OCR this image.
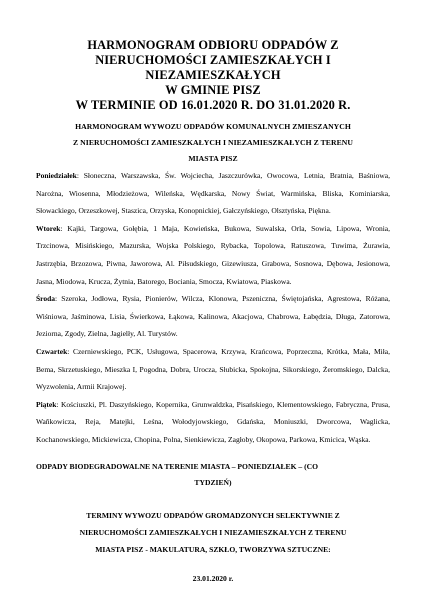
HARMONOGRAM ODBIORU ODPADÓW Z
NIERUCHOMOŚCI ZAMIESZKAŁYCH I
NIEZAMIESZKAŁYCH
W GMINIE PISZ
W TERMINIE OD 16.01.2020 R. DO 31.01.2020 R.
HARMONOGRAM WYWOZU ODPADÓW KOMUNALNYCH ZMIESZANYCH
Z NIERUCHOMOŚCI ZAMIESZKAŁYCH I NIEZAMIESZKAŁYCH Z TERENU
MIASTA PISZ

Poniedziałek: Słoneczna, Warszawska, Św. Wojciecha, Jaszczurówka, Owocowa, Letnia, Bratnia, Baśniowa, Narożna, Wiosenna, Młodzieżowa, Wileńska, Wędkarska, Nowy Świat, Warmińska, Bliska, Kominiarska, Słowackiego, Orzeszkowej, Staszica, Orzyska, Konopnickiej, Gałczyńskiego, Olsztyńska, Piękna.

Wtorek: Kajki, Targowa, Gołębia, 1 Maja, Kowieńska, Bukowa, Suwalska, Orla, Sowia, Lipowa, Wronia, Trzcinowa, Misińskiego, Mazurska, Wojska Polskiego, Rybacka, Topolowa, Ratuszowa, Tuwima, Żurawia, Jastrzębia, Brzozowa, Piwna, Jaworowa, Al. Piłsudskiego, Gizewiusza, Grabowa, Sosnowa, Dębowa, Jesionowa, Jasna, Miodowa, Krucza, Żytnia, Batorego, Bociania, Smocza, Kwiatowa, Piaskowa.

Środa: Szeroka, Jodłowa, Rysia, Pionierów, Wilcza, Klonowa, Pszeniczna, Świętojańska, Agrestowa, Różana, Wiśniowa, Jaśminowa, Lisia, Świerkowa, Łąkowa, Kalinowa, Akacjowa, Chabrowa, Łabędzia, Długa, Zatorowa, Jeziorna, Zgody, Zielna, Jagielły, Al. Turystów.

Czwartek: Czerniewskiego, PCK, Usługowa, Spacerowa, Krzywa, Krańcowa, Poprzeczna, Krótka, Mała, Miła, Bema, Skrzetuskiego, Mieszka I, Pogodna, Dobra, Urocza, Słubicka, Spokojna, Sikorskiego, Żeromskiego, Dalcka, Wyzwolenia, Armii Krajowej.

Piątek: Kościuszki, Pl. Daszyńskiego, Kopernika, Grunwaldzka, Pisańskiego, Klementowskiego, Fabryczna, Prusa, Waňkowicza, Reja, Matejki, Leśna, Wołodyjowskiego, Gdańska, Moniuszki, Dworcowa, Waglicka, Kochanowskiego, Mickiewicza, Chopina, Polna, Sienkiewicza, Zagłoby, Okopowa, Parkowa, Kmicica, Wąska.

ODPADY BIODEGRADOWALNE NA TERENIE MIASTA – PONIEDZIAŁEK – (CO
TYDZIEŃ)

TERMINY WYWOZU ODPADÓW GROMADZONYCH SELEKTYWNIE Z
NIERUCHOMOŚCI ZAMIESZKAŁYCH I NIEZAMIESZKAŁYCH Z TERENU
MIASTA PISZ - MAKULATURA, SZKŁO, TWORZYWA SZTUCZNE:

23.01.2020 r.
